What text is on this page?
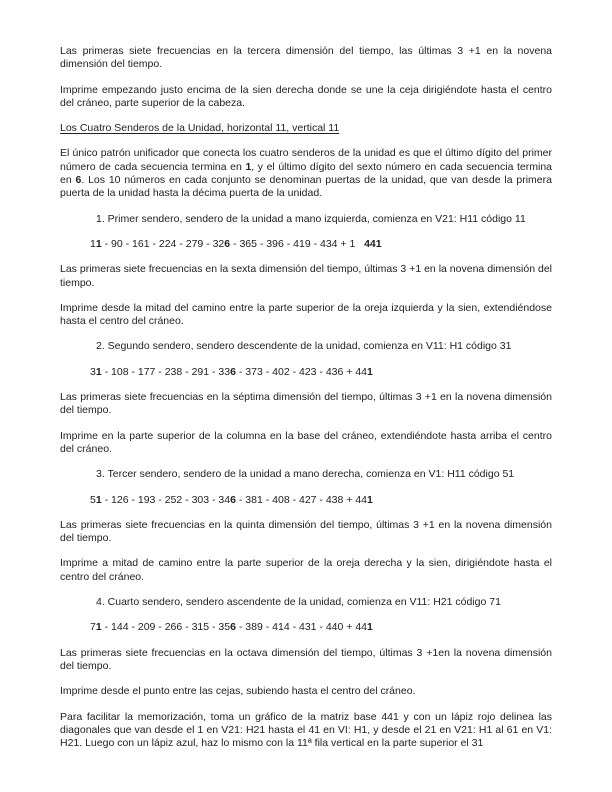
Las primeras siete frecuencias en la tercera dimensión del tiempo, las últimas 3 +1 en la novena dimensión del tiempo.
Imprime empezando justo encima de la sien derecha donde se une la ceja dirigiéndote hasta el centro del cráneo, parte superior de la cabeza.
Los Cuatro Senderos de la Unidad, horizontal 11, vertical 11
El único patrón unificador que conecta los cuatro senderos de la unidad es que el último dígito del primer número de cada secuencia termina en 1, y el último dígito del sexto número en cada secuencia termina en 6. Los 10 números en cada conjunto se denominan puertas de la unidad, que van desde la primera puerta de la unidad hasta la décima puerta de la unidad.
1. Primer sendero, sendero de la unidad a mano izquierda, comienza en V21: H11 código 11
11 - 90 - 161 - 224 - 279 - 326 - 365 - 396 - 419 - 434 + 1   441
Las primeras siete frecuencias en la sexta dimensión del tiempo, últimas 3 +1 en la novena dimensión del tiempo.
Imprime desde la mitad del camino entre la parte superior de la oreja izquierda y la sien, extendiéndose hasta el centro del cráneo.
2. Segundo sendero, sendero descendente de la unidad, comienza en V11: H1 código 31
31 - 108 - 177 - 238 - 291 - 336 - 373 - 402 - 423 - 436 + 441
Las primeras siete frecuencias en la séptima dimensión del tiempo, últimas 3 +1 en la novena dimensión del tiempo.
Imprime en la parte superior de la columna en la base del cráneo, extendiéndote hasta arriba el centro del cráneo.
3. Tercer sendero, sendero de la unidad a mano derecha, comienza en V1: H11 código 51
51 - 126 - 193 - 252 - 303 - 346 - 381 - 408 - 427 - 438 + 441
Las primeras siete frecuencias en la quinta dimensión del tiempo, últimas 3 +1 en la novena dimensión del tiempo.
Imprime a mitad de camino entre la parte superior de la oreja derecha y la sien, dirigiéndote hasta el centro del cráneo.
4. Cuarto sendero, sendero ascendente de la unidad, comienza en V11: H21 código 71
71 - 144 - 209 - 266 - 315 - 356 - 389 - 414 - 431 - 440 + 441
Las primeras siete frecuencias en la octava dimensión del tiempo, últimas 3 +1en la novena dimensión del tiempo.
Imprime desde el punto entre las cejas, subiendo hasta el centro del cráneo.
Para facilitar la memorización, toma un gráfico de la matriz base 441 y con un lápiz rojo delinea las diagonales que van desde el 1 en V21: H21 hasta el 41 en VI: H1, y desde el 21 en V21: H1 al 61 en V1: H21. Luego con un lápiz azul, haz lo mismo con la 11ª fila vertical en la parte superior el 31
